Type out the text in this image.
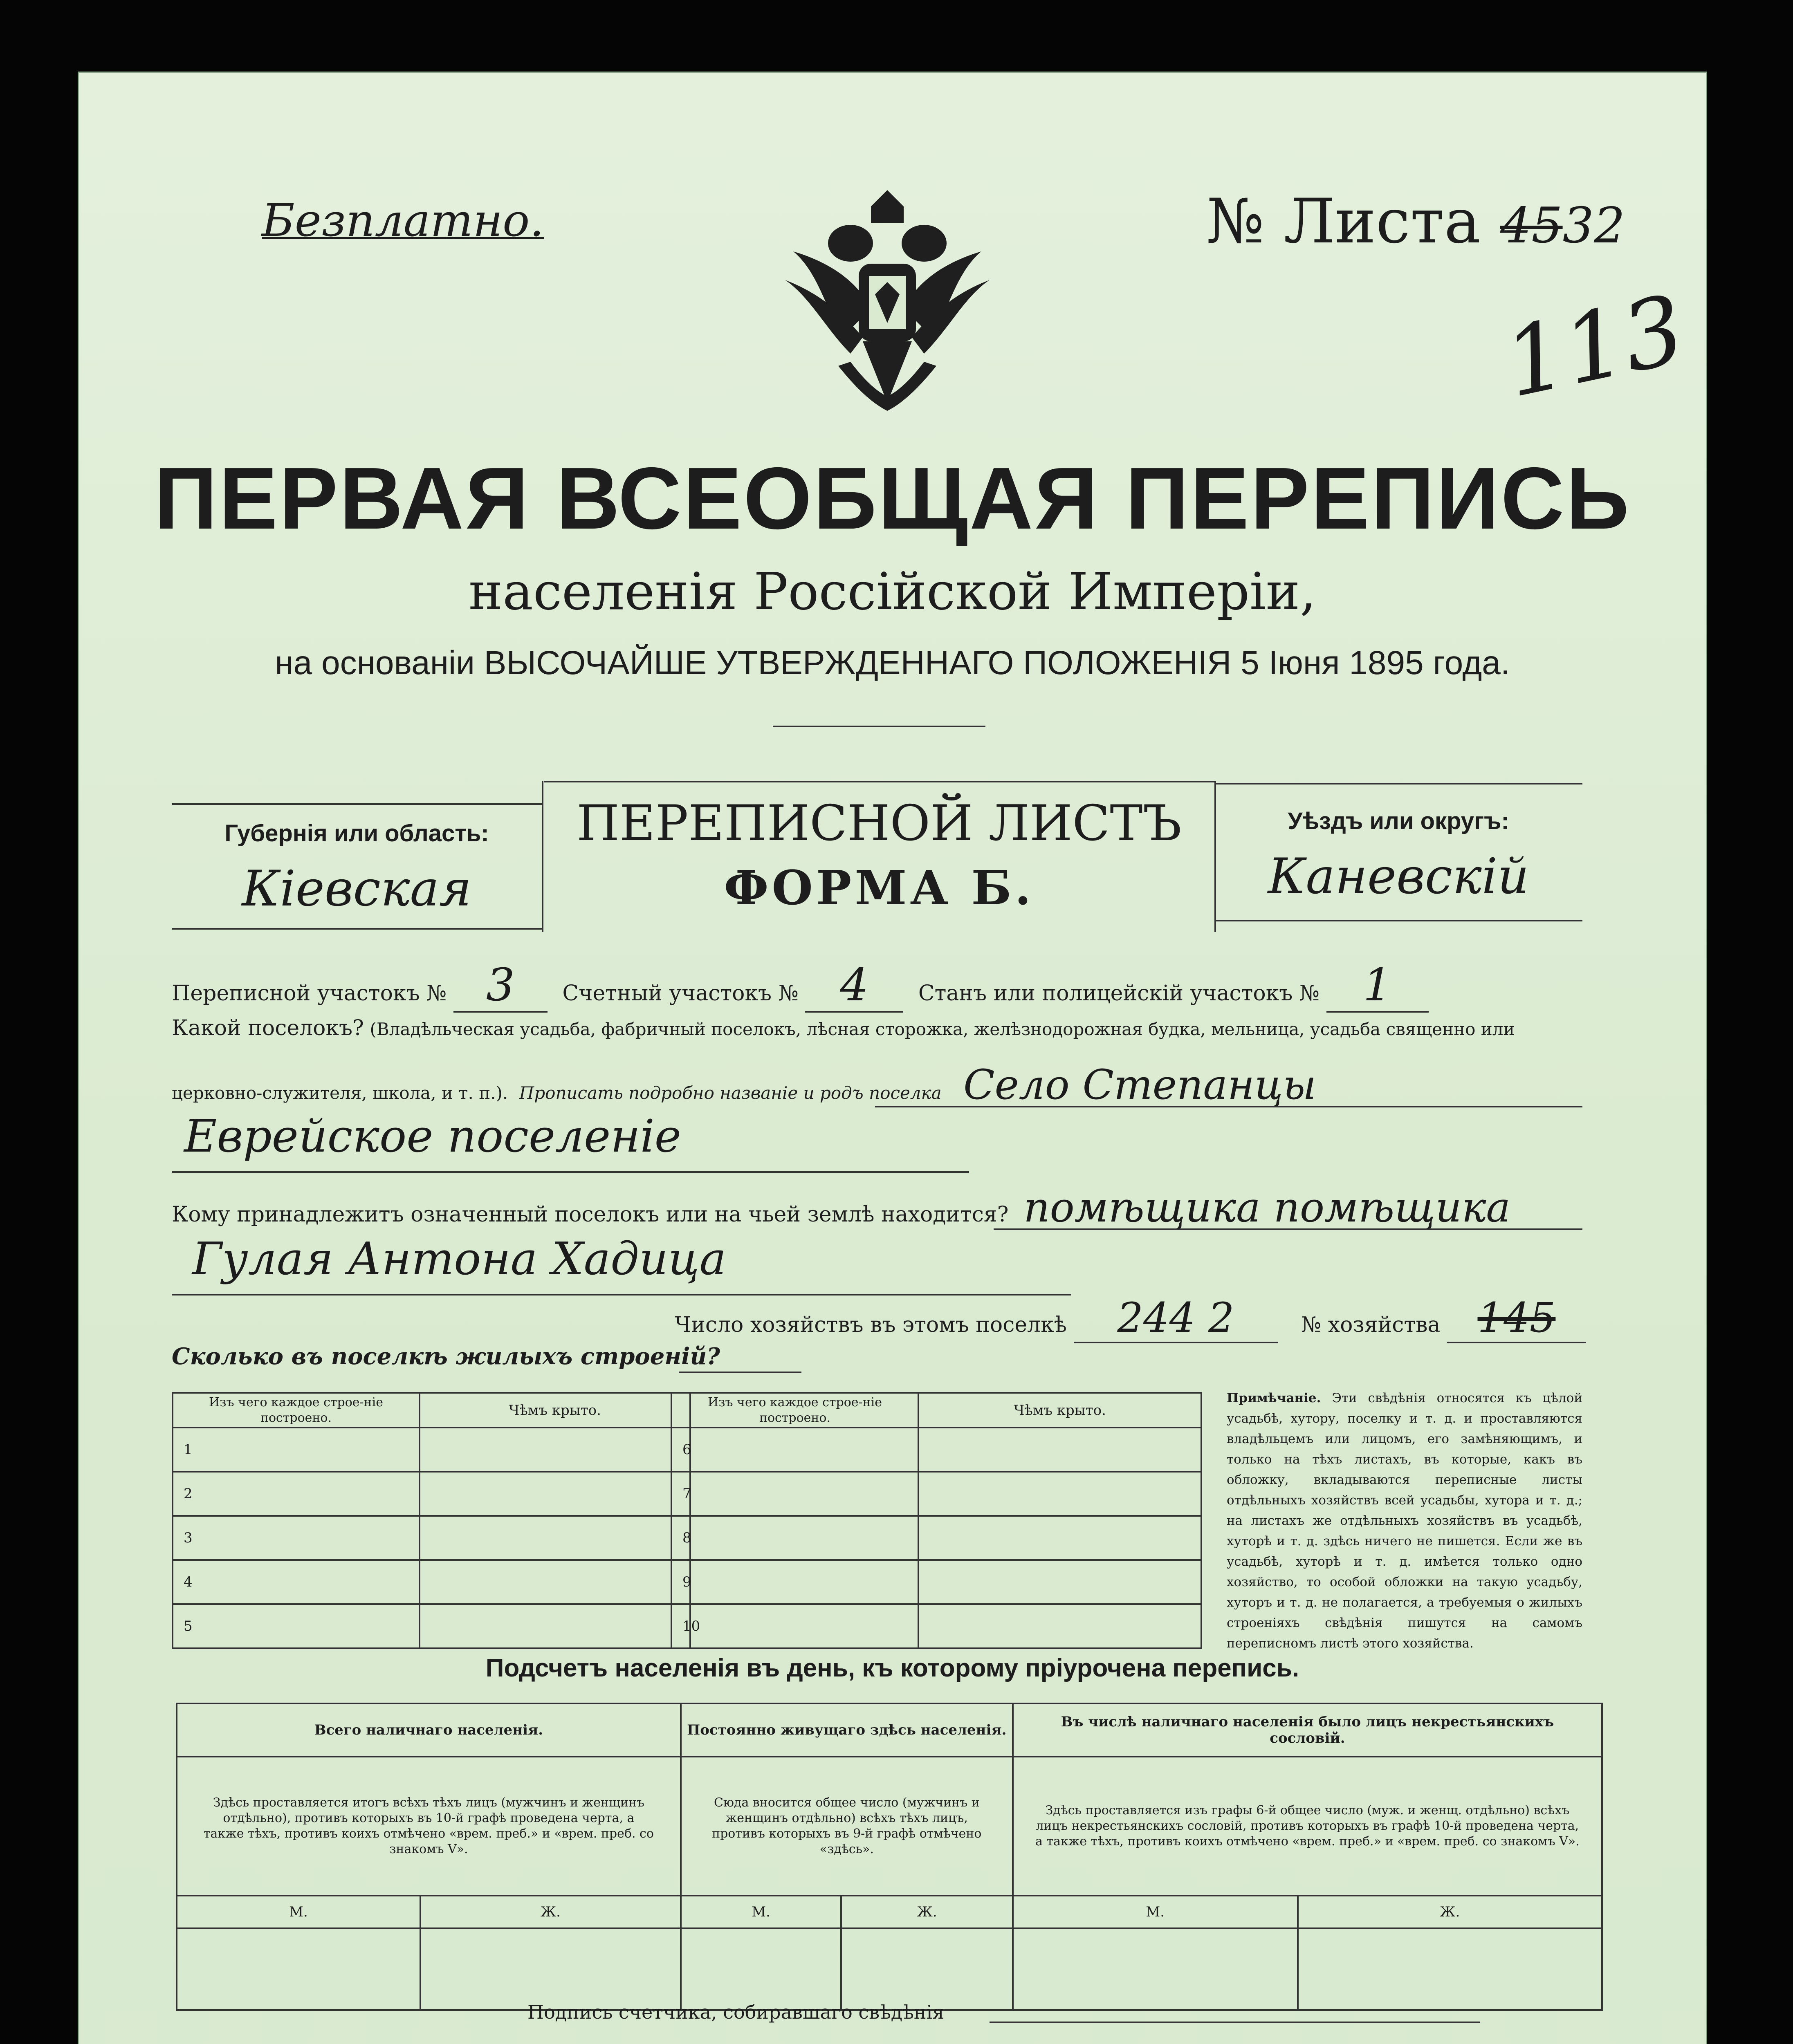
Безплатно.	№ Листа 4532
113
ПЕРВАЯ ВСЕОБЩАЯ ПЕРЕПИСЬ
населенія Россійской Имперіи,
на основаніи ВЫСОЧАЙШЕ УТВЕРЖДЕННАГО ПОЛОЖЕНІЯ 5 Іюня 1895 года.
ПЕРЕПИСНОЙ ЛИСТЪ
ФОРМА Б.
Губернія или область:
Кіевская
Уѣздъ или округъ:
Каневскій
Переписной участокъ № 3 Счетный участокъ № 4 Станъ или полицейскій участокъ № 1
Какой поселокъ? (Владѣльческая усадьба, фабричный поселокъ, лѣсная сторожка, желѣзнодорожная будка, мельница, усадьба священно или
церковно-служителя, школа, и т. п.). Прописать подробно названіе и родъ поселка Село Степанцы
Еврейское поселеніе
Кому принадлежитъ означенный поселокъ или на чьей землѣ находится? помѣщика помѣщика
Гулая Антона Хадица
Число хозяйствъ въ этомъ поселкѣ 244 2	№ хозяйства 145
Сколько въ поселкѣ жилыхъ строеній?
Изъ чего каждое строе-ніе построено.	Чѣмъ крыто.
1	
2	
3	
4	
5	
Изъ чего каждое строе-ніе построено.	Чѣмъ крыто.
6	
7	
8	
9	
10	
Примѣчаніе. Эти свѣдѣнія относятся къ цѣлой усадьбѣ, хутору, поселку и т. д. и проставляются владѣльцемъ или лицомъ, его замѣняющимъ, и только на тѣхъ листахъ, въ которые, какъ въ обложку, вкладываются переписные листы отдѣльныхъ хозяйствъ всей усадьбы, хутора и т. д.; на листахъ же отдѣльныхъ хозяйствъ въ усадьбѣ, хуторѣ и т. д. здѣсь ничего не пишется. Если же въ усадьбѣ, хуторѣ и т. д. имѣется только одно хозяйство, то особой обложки на такую усадьбу, хуторъ и т. д. не полагается, а требуемыя о жилыхъ строеніяхъ свѣдѣнія пишутся на самомъ переписномъ листѣ этого хозяйства.
Подсчетъ населенія въ день, къ которому пріурочена перепись.
Всего наличнаго населенія.		Постоянно живущаго здѣсь населенія.		Въ числѣ наличнаго населенія было лицъ некрестьянскихъ сословій.	
Здѣсь проставляется итогъ всѣхъ тѣхъ лицъ (мужчинъ и женщинъ отдѣльно), противъ которыхъ въ 10-й графѣ проведена черта, а также тѣхъ, противъ коихъ отмѣчено «врем. преб.» и «врем. преб. со знакомъ V».		Сюда вносится общее число (мужчинъ и женщинъ отдѣльно) всѣхъ тѣхъ лицъ, противъ которыхъ въ 9-й графѣ отмѣчено «здѣсь».		Здѣсь проставляется изъ графы 6-й общее число (муж. и женщ. отдѣльно) всѣхъ лицъ некрестьянскихъ сословій, противъ которыхъ въ графѣ 10-й проведена черта, а также тѣхъ, противъ коихъ отмѣчено «врем. преб.» и «врем. преб. со знакомъ V».	
М.	Ж.	М.	Ж.	М.	Ж.

Подпись счетчика, собиравшаго свѣдѣнія
